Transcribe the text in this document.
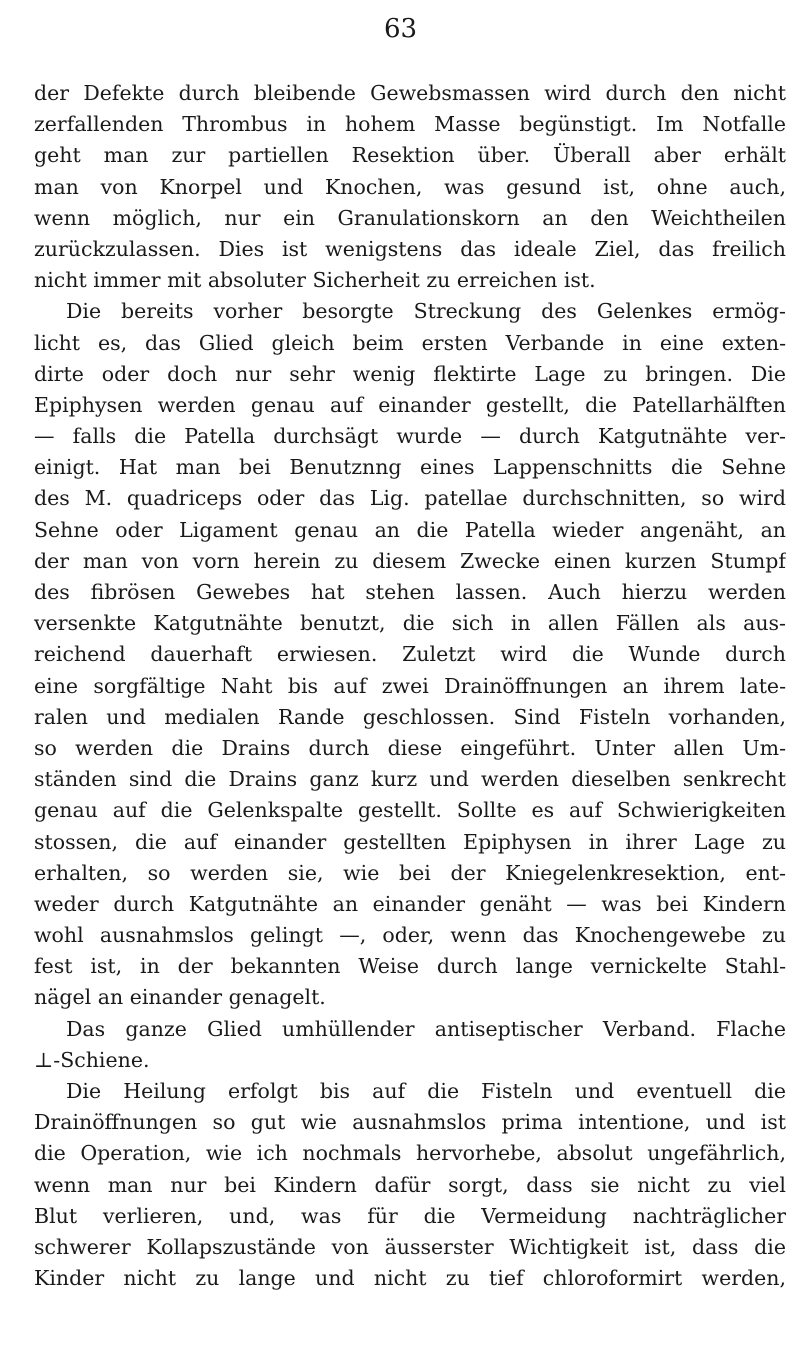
63
der Defekte durch bleibende Gewebsmassen wird durch den nicht
zerfallenden Thrombus in hohem Masse begünstigt. Im Notfalle
geht man zur partiellen Resektion über. Überall aber erhält
man von Knorpel und Knochen, was gesund ist, ohne auch,
wenn möglich, nur ein Granulationskorn an den Weichtheilen
zurückzulassen. Dies ist wenigstens das ideale Ziel, das freilich
nicht immer mit absoluter Sicherheit zu erreichen ist.
Die bereits vorher besorgte Streckung des Gelenkes ermög-
licht es, das Glied gleich beim ersten Verbande in eine exten-
dirte oder doch nur sehr wenig flektirte Lage zu bringen. Die
Epiphysen werden genau auf einander gestellt, die Patellarhälften
— falls die Patella durchsägt wurde — durch Katgutnähte ver-
einigt. Hat man bei Benutznng eines Lappenschnitts die Sehne
des M. quadriceps oder das Lig. patellae durchschnitten, so wird
Sehne oder Ligament genau an die Patella wieder angenäht, an
der man von vorn herein zu diesem Zwecke einen kurzen Stumpf
des fibrösen Gewebes hat stehen lassen. Auch hierzu werden
versenkte Katgutnähte benutzt, die sich in allen Fällen als aus-
reichend dauerhaft erwiesen. Zuletzt wird die Wunde durch
eine sorgfältige Naht bis auf zwei Drainöffnungen an ihrem late-
ralen und medialen Rande geschlossen. Sind Fisteln vorhanden,
so werden die Drains durch diese eingeführt. Unter allen Um-
ständen sind die Drains ganz kurz und werden dieselben senkrecht
genau auf die Gelenkspalte gestellt. Sollte es auf Schwierigkeiten
stossen, die auf einander gestellten Epiphysen in ihrer Lage zu
erhalten, so werden sie, wie bei der Kniegelenkresektion, ent-
weder durch Katgutnähte an einander genäht — was bei Kindern
wohl ausnahmslos gelingt —, oder, wenn das Knochengewebe zu
fest ist, in der bekannten Weise durch lange vernickelte Stahl-
nägel an einander genagelt.
Das ganze Glied umhüllender antiseptischer Verband. Flache
⊥-Schiene.
Die Heilung erfolgt bis auf die Fisteln und eventuell die
Drainöffnungen so gut wie ausnahmslos prima intentione, und ist
die Operation, wie ich nochmals hervorhebe, absolut ungefährlich,
wenn man nur bei Kindern dafür sorgt, dass sie nicht zu viel
Blut verlieren, und, was für die Vermeidung nachträglicher
schwerer Kollapszustände von äusserster Wichtigkeit ist, dass die
Kinder nicht zu lange und nicht zu tief chloroformirt werden,
